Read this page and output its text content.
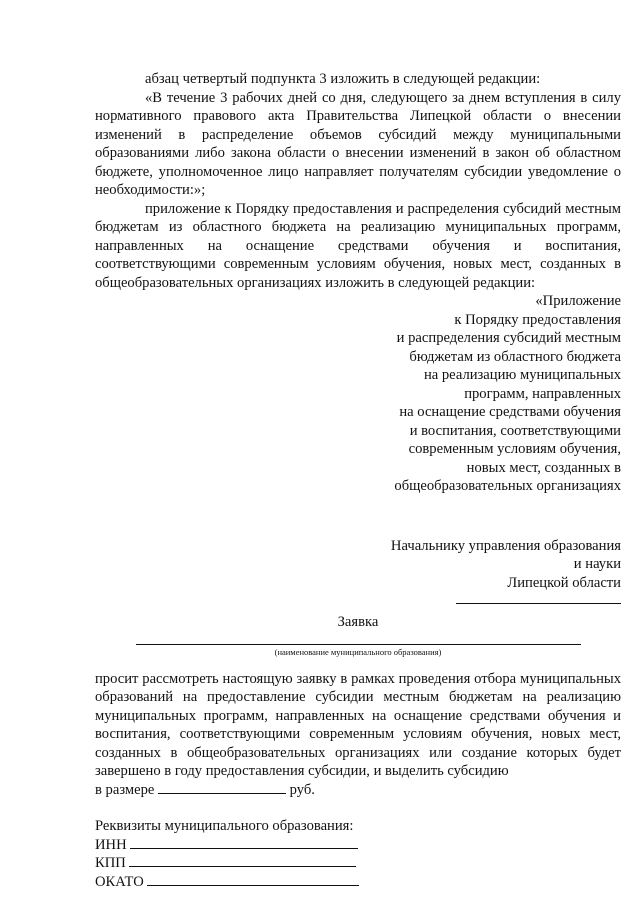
абзац четвертый подпункта 3 изложить в следующей редакции:

«В течение 3 рабочих дней со дня, следующего за днем вступления в силу нормативного правового акта Правительства Липецкой области о внесении изменений в распределение объемов субсидий между муниципальными образованиями либо закона области о внесении изменений в закон об областном бюджете, уполномоченное лицо направляет получателям субсидии уведомление о необходимости:»;

приложение к Порядку предоставления и распределения субсидий местным бюджетам из областного бюджета на реализацию муниципальных программ, направленных на оснащение средствами обучения и воспитания, соответствующими современным условиям обучения, новых мест, созданных в общеобразовательных организациях изложить в следующей редакции:

«Приложение

к Порядку предоставления

и распределения субсидий местным

бюджетам из областного бюджета

на реализацию муниципальных

программ, направленных

на оснащение средствами обучения

и воспитания, соответствующими

современным условиям обучения,

новых мест, созданных в

общеобразовательных организациях

Начальнику управления образования

и науки

Липецкой области

Заявка

(наименование муниципального образования)

просит рассмотреть настоящую заявку в рамках проведения отбора муниципальных образований на предоставление субсидии местным бюджетам на реализацию муниципальных программ, направленных на оснащение средствами обучения и воспитания, соответствующими современным условиям обучения, новых мест, созданных в общеобразовательных организациях или создание которых будет завершено в году предоставления субсидии, и выделить субсидию

в размере	руб.

Реквизиты муниципального образования:

ИНН

КПП

ОКАТО
